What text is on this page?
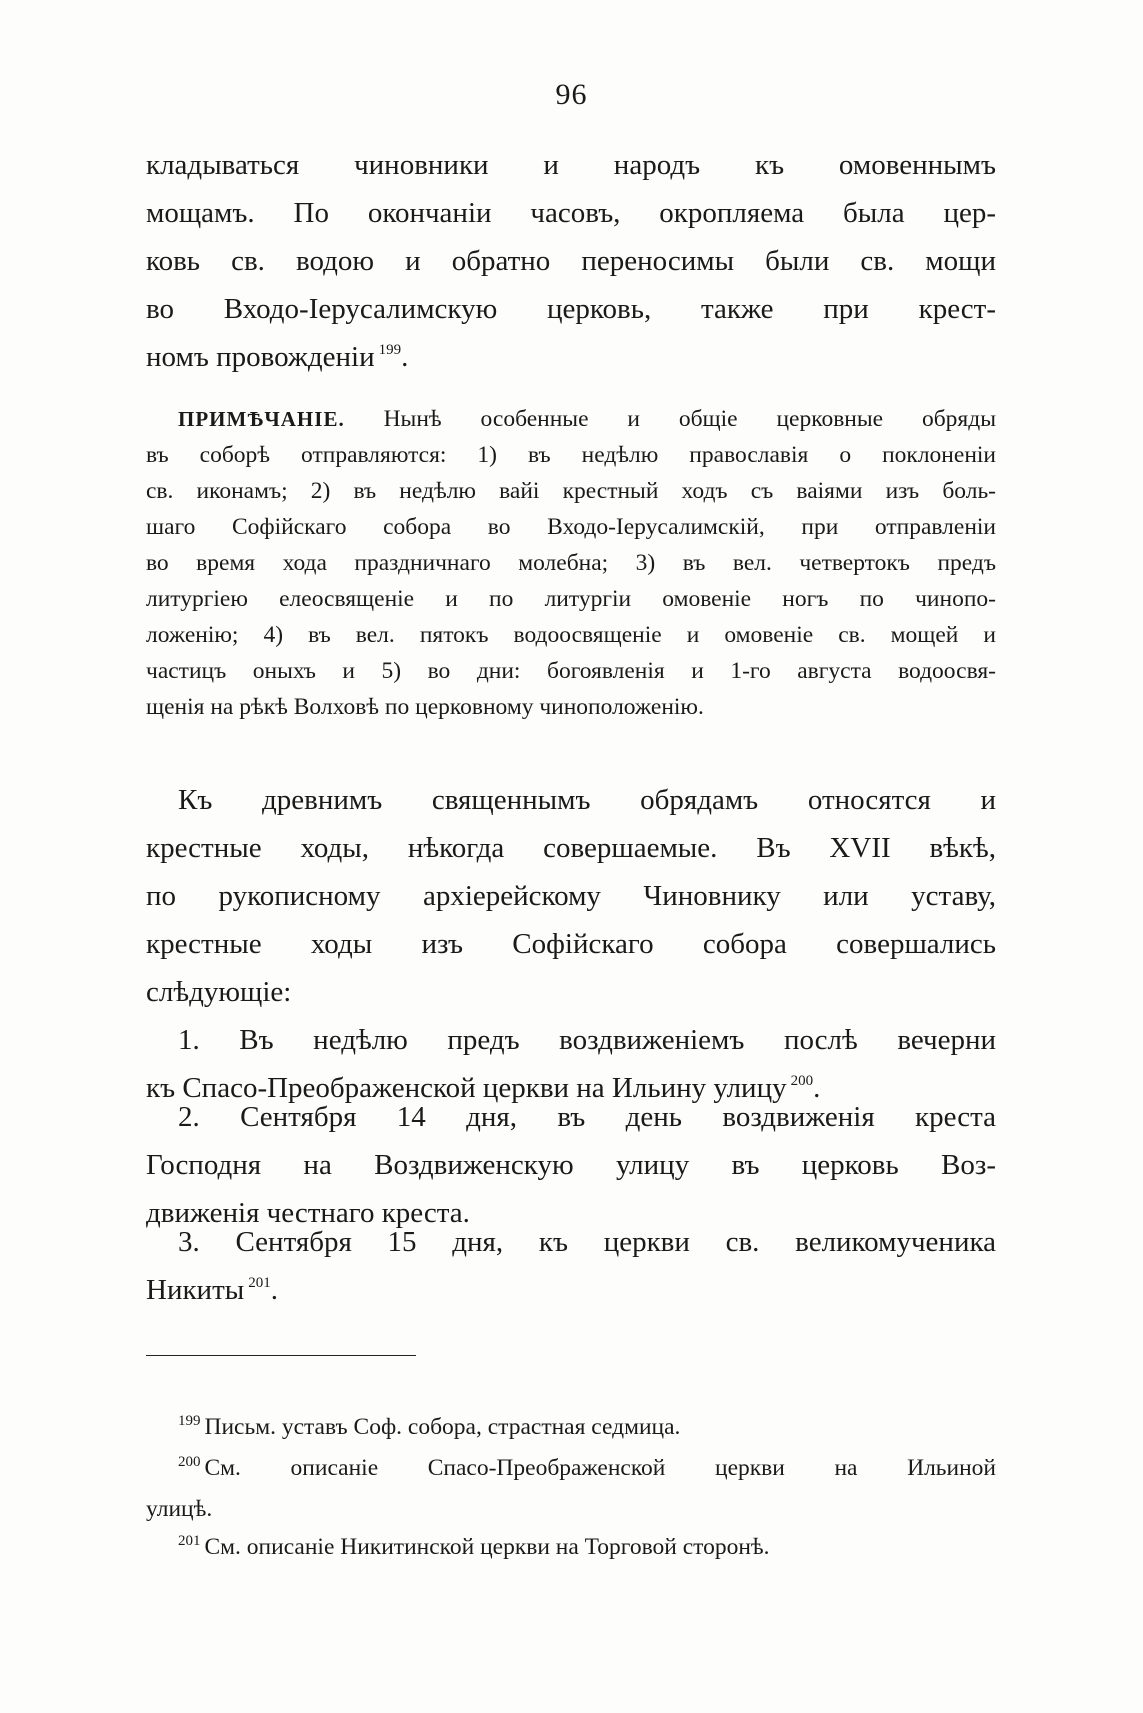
96
кладываться чиновники и народъ къ омовеннымъ
мощамъ. По окончаніи часовъ, окропляема была цер-
ковь св. водою и обратно переносимы были св. мощи
во Входо-Іерусалимскую церковь, также при крест-
номъ провожденіи $^{199}$.
ПРИМѢЧАНІЕ. Нынѣ особенные и общіе церковные обряды
въ соборѣ отправляются: 1) въ недѣлю православія о поклоненіи
св. иконамъ; 2) въ недѣлю вайі крестный ходъ съ ваіями изъ боль-
шаго Софійскаго собора во Входо-Іерусалимскій, при отправленіи
во время хода праздничнаго молебна; 3) въ вел. четвертокъ предъ
литургіею елеосвященіе и по литургіи омовеніе ногъ по чинопо-
ложенію; 4) въ вел. пятокъ водоосвященіе и омовеніе св. мощей и
частицъ оныхъ и 5) во дни: богоявленія и 1-го августа водоосвя-
щенія на рѣкѣ Волховѣ по церковному чиноположенію.
Къ древнимъ священнымъ обрядамъ относятся и
крестные ходы, нѣкогда совершаемые. Въ XVII вѣкѣ,
по рукописному архіерейскому Чиновнику или уставу,
крестные ходы изъ Софійскаго собора совершались
слѣдующіе:
1. Въ недѣлю предъ воздвиженіемъ послѣ вечерни
къ Спасо-Преображенской церкви на Ильину улицу $^{200}$.
2. Сентября 14 дня, въ день воздвиженія креста
Господня на Воздвиженскую улицу въ церковь Воз-
движенія честнаго креста.
3. Сентября 15 дня, къ церкви св. великомученика
Никиты $^{201}$.
$^{199}$ Письм. уставъ Соф. собора, страстная седмица.
$^{200}$ См. описаніе Спасо-Преображенской церкви на Ильиной
улицѣ.
$^{201}$ См. описаніе Никитинской церкви на Торговой сторонѣ.
